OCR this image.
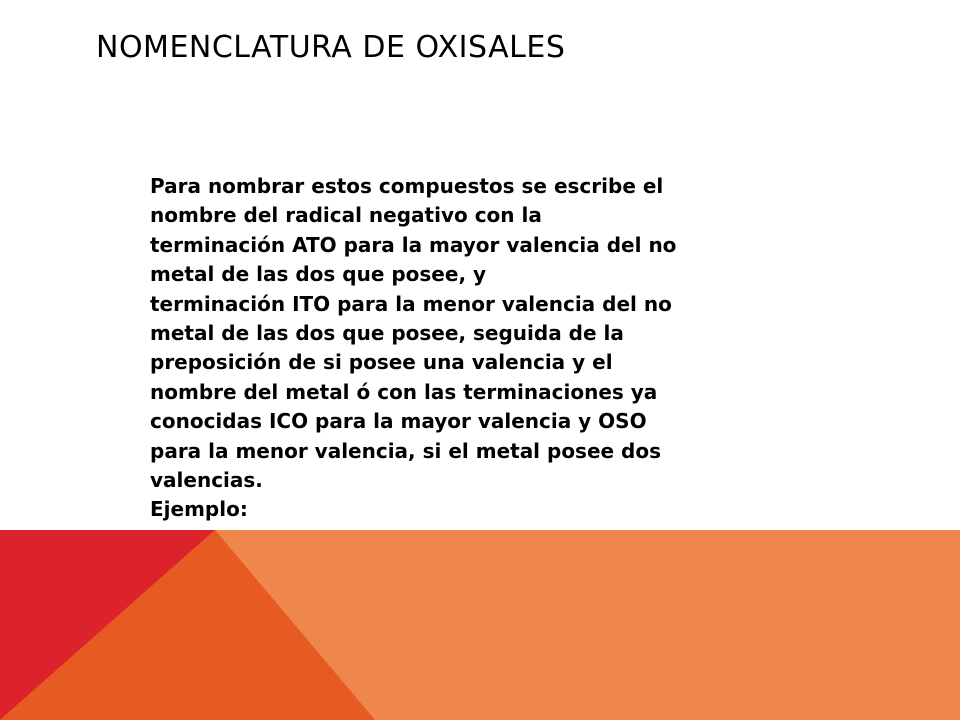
NOMENCLATURA DE OXISALES
Para nombrar estos compuestos se escribe el
nombre del radical negativo con la
terminación ATO para la mayor valencia del no
metal de las dos que posee, y
terminación ITO para la menor valencia del no
metal de las dos que posee, seguida de la
preposición de si posee una valencia y el
nombre del metal ó con las terminaciones ya
conocidas ICO para la mayor valencia y OSO
para la menor valencia, si el metal posee dos
valencias.
Ejemplo:
